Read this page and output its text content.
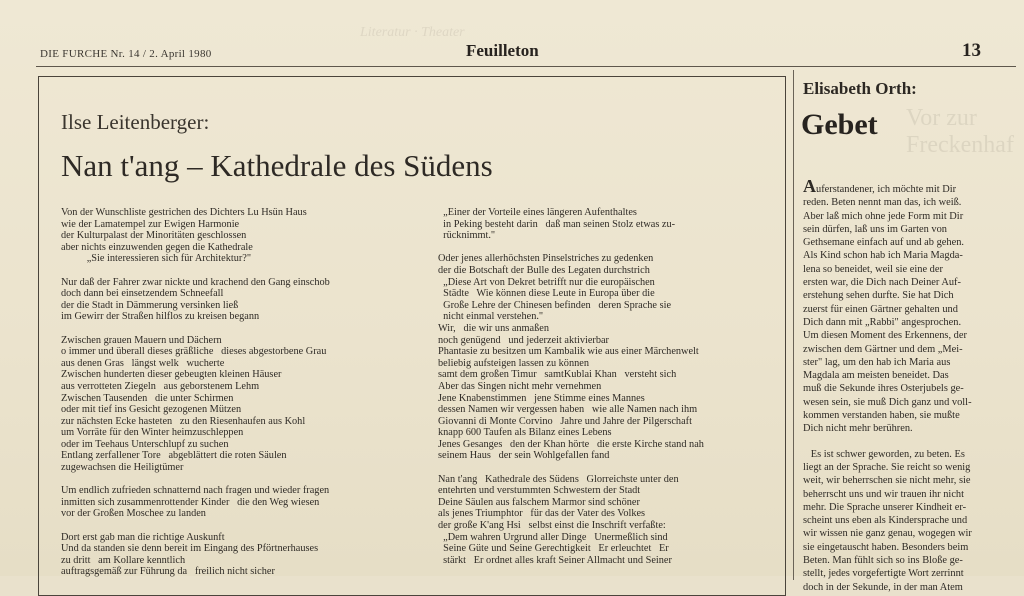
Literatur · Theater
Vor zur
Freckenhaf
DIE FURCHE Nr. 14 / 2. April 1980	Feuilleton	13
Ilse Leitenberger:
Nan t'ang – Kathedrale des Südens
Von der Wunschliste gestrichen des Dichters Lu Hsün Haus
wie der Lamatempel zur Ewigen Harmonie
der Kulturpalast der Minoritäten geschlossen
aber nichts einzuwenden gegen die Kathedrale
„Sie interessieren sich für Architektur?"

Nur daß der Fahrer zwar nickte und krachend den Gang einschob
doch dann bei einsetzendem Schneefall
der die Stadt in Dämmerung versinken ließ
im Gewirr der Straßen hilflos zu kreisen begann

Zwischen grauen Mauern und Dächern
o immer und überall dieses gräßliche   dieses abgestorbene Grau
aus denen Gras   längst welk   wucherte
Zwischen hunderten dieser gebeugten kleinen Häuser
aus verrotteten Ziegeln   aus geborstenem Lehm
Zwischen Tausenden   die unter Schirmen
oder mit tief ins Gesicht gezogenen Mützen
zur nächsten Ecke hasteten   zu den Riesenhaufen aus Kohl
um Vorräte für den Winter heimzuschleppen
oder im Teehaus Unterschlupf zu suchen
Entlang zerfallener Tore   abgeblättert die roten Säulen
zugewachsen die Heiligtümer

Um endlich zufrieden schnatternd nach fragen und wieder fragen
inmitten sich zusammenrottender Kinder   die den Weg wiesen
vor der Großen Moschee zu landen

Dort erst gab man die richtige Auskunft
Und da standen sie denn bereit im Eingang des Pförtnerhauses
zu dritt   am Kollare kenntlich
auftragsgemäß zur Führung da   freilich nicht sicher
„Einer der Vorteile eines längeren Aufenthaltes
in Peking besteht darin   daß man seinen Stolz etwas zu-
rücknimmt."

Oder jenes allerhöchsten Pinselstriches zu gedenken
der die Botschaft der Bulle des Legaten durchstrich
„Diese Art von Dekret betrifft nur die europäischen
Städte   Wie können diese Leute in Europa über die
Große Lehre der Chinesen befinden   deren Sprache sie
nicht einmal verstehen."
Wir,   die wir uns anmaßen
noch genügend   und jederzeit aktivierbar
Phantasie zu besitzen um Kambalik wie aus einer Märchenwelt
beliebig aufsteigen lassen zu können
samt dem großen Timur   samtKublai Khan   versteht sich
Aber das Singen nicht mehr vernehmen
Jene Knabenstimmen   jene Stimme eines Mannes
dessen Namen wir vergessen haben   wie alle Namen nach ihm
Giovanni di Monte Corvino   Jahre und Jahre der Pilgerschaft
knapp 600 Taufen als Bilanz eines Lebens
Jenes Gesanges   den der Khan hörte   die erste Kirche stand nah
seinem Haus   der sein Wohlgefallen fand

Nan t'ang   Kathedrale des Südens   Glorreichste unter den
entehrten und verstummten Schwestern der Stadt
Deine Säulen aus falschem Marmor sind schöner
als jenes Triumphtor   für das der Vater des Volkes
der große K'ang Hsi   selbst einst die Inschrift verfaßte:
„Dem wahren Urgrund aller Dinge   Unermeßlich sind
Seine Güte und Seine Gerechtigkeit   Er erleuchtet   Er
stärkt   Er ordnet alles kraft Seiner Allmacht und Seiner
Elisabeth Orth:
Gebet
Auferstandener, ich möchte mit Dir
reden. Beten nennt man das, ich weiß.
Aber laß mich ohne jede Form mit Dir
sein dürfen, laß uns im Garten von
Gethsemane einfach auf und ab gehen.
Als Kind schon hab ich Maria Magda-
lena so beneidet, weil sie eine der
ersten war, die Dich nach Deiner Auf-
erstehung sehen durfte. Sie hat Dich
zuerst für einen Gärtner gehalten und
Dich dann mit „Rabbi" angesprochen.
Um diesen Moment des Erkennens, der
zwischen dem Gärtner und dem „Mei-
ster" lag, um den hab ich Maria aus
Magdala am meisten beneidet. Das
muß die Sekunde ihres Osterjubels ge-
wesen sein, sie muß Dich ganz und voll-
kommen verstanden haben, sie mußte
Dich nicht mehr berühren.
Es ist schwer geworden, zu beten. Es
liegt an der Sprache. Sie reicht so wenig
weit, wir beherrschen sie nicht mehr, sie
beherrscht uns und wir trauen ihr nicht
mehr. Die Sprache unserer Kindheit er-
scheint uns eben als Kindersprache und
wir wissen nie ganz genau, wogegen wir
sie eingetauscht haben. Besonders beim
Beten. Man fühlt sich so ins Bloße ge-
stellt, jedes vorgefertigte Wort zerrinnt
doch in der Sekunde, in der man Atem
